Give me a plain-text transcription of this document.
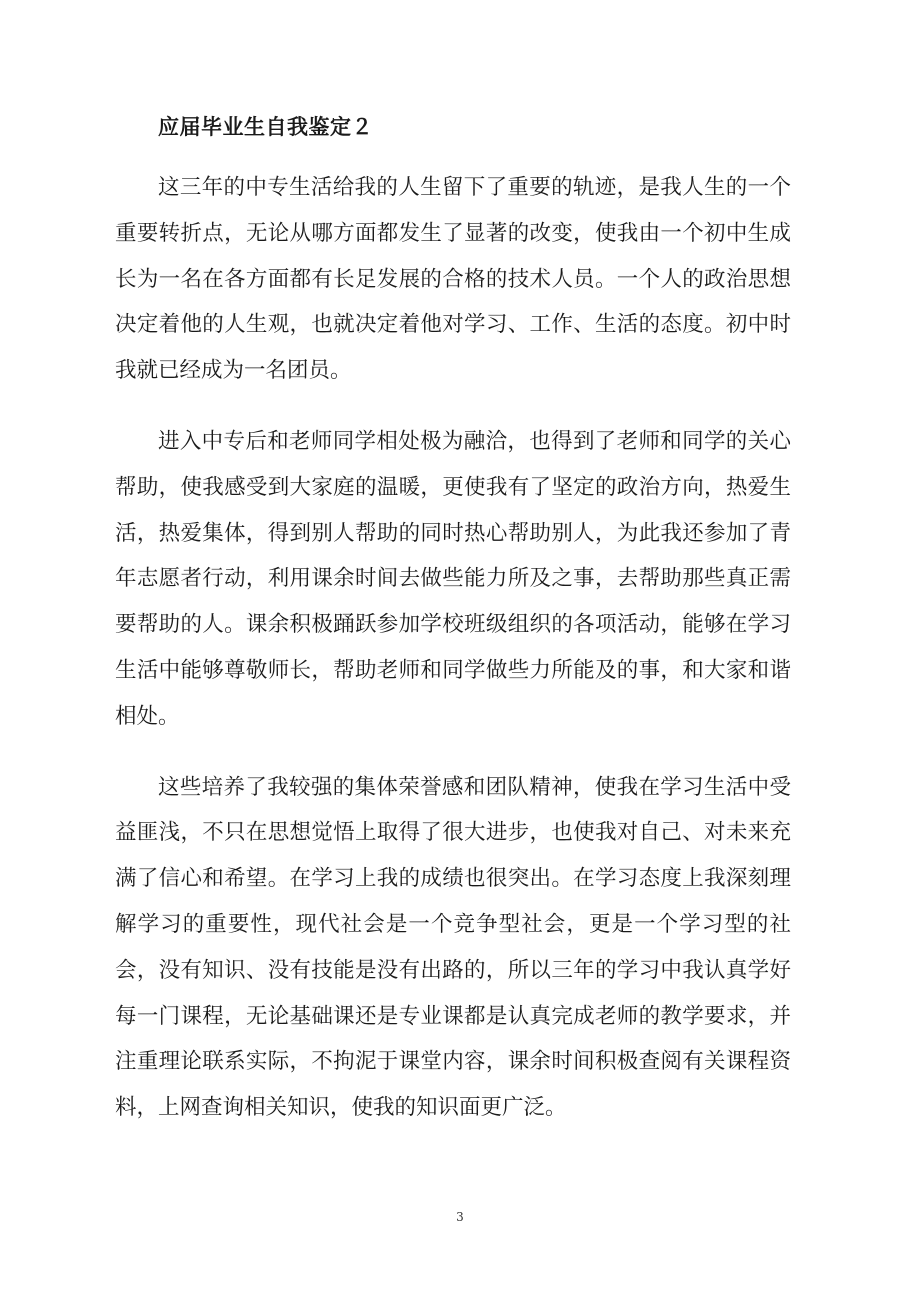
应届毕业生自我鉴定２

这三年的中专生活给我的人生留下了重要的轨迹，是我人生的一个重要转折点，无论从哪方面都发生了显著的改变，使我由一个初中生成长为一名在各方面都有长足发展的合格的技术人员。一个人的政治思想决定着他的人生观，也就决定着他对学习、工作、生活的态度。初中时我就已经成为一名团员。

进入中专后和老师同学相处极为融洽，也得到了老师和同学的关心帮助，使我感受到大家庭的温暖，更使我有了坚定的政治方向，热爱生活，热爱集体，得到别人帮助的同时热心帮助别人，为此我还参加了青年志愿者行动，利用课余时间去做些能力所及之事，去帮助那些真正需要帮助的人。课余积极踊跃参加学校班级组织的各项活动，能够在学习生活中能够尊敬师长，帮助老师和同学做些力所能及的事，和大家和谐相处。

这些培养了我较强的集体荣誉感和团队精神，使我在学习生活中受益匪浅，不只在思想觉悟上取得了很大进步，也使我对自己、对未来充满了信心和希望。在学习上我的成绩也很突出。在学习态度上我深刻理解学习的重要性，现代社会是一个竞争型社会，更是一个学习型的社会，没有知识、没有技能是没有出路的，所以三年的学习中我认真学好每一门课程，无论基础课还是专业课都是认真完成老师的教学要求，并注重理论联系实际，不拘泥于课堂内容，课余时间积极查阅有关课程资料，上网查询相关知识，使我的知识面更广泛。

3
